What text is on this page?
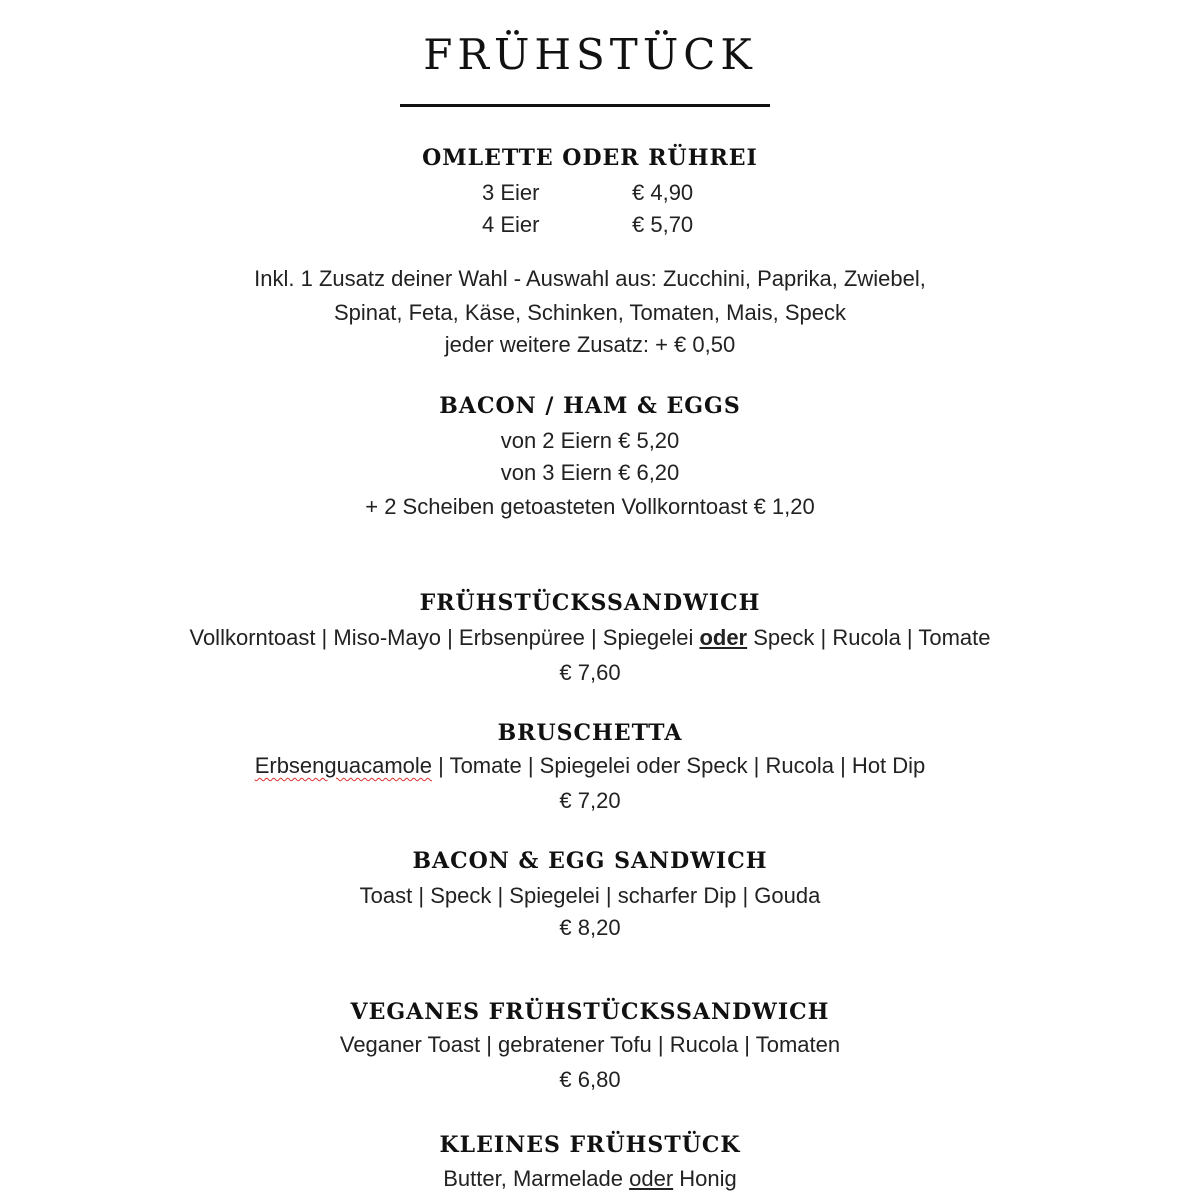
FRÜHSTÜCK
OMLETTE ODER RÜHREI
3 Eier	€ 4,90
4 Eier	€ 5,70
Inkl. 1 Zusatz deiner Wahl - Auswahl aus: Zucchini, Paprika, Zwiebel,
Spinat, Feta, Käse, Schinken, Tomaten, Mais, Speck
jeder weitere Zusatz: + € 0,50
BACON / HAM & EGGS
von 2 Eiern € 5,20
von 3 Eiern € 6,20
+ 2 Scheiben getoasteten Vollkorntoast € 1,20
FRÜHSTÜCKSSANDWICH
Vollkorntoast | Miso-Mayo | Erbsenpüree | Spiegelei oder Speck | Rucola | Tomate
€ 7,60
BRUSCHETTA
Erbsenguacamole | Tomate | Spiegelei oder Speck | Rucola | Hot Dip
€ 7,20
BACON & EGG SANDWICH
Toast | Speck | Spiegelei | scharfer Dip | Gouda
€ 8,20
VEGANES FRÜHSTÜCKSSANDWICH
Veganer Toast | gebratener Tofu | Rucola | Tomaten
€ 6,80
KLEINES FRÜHSTÜCK
Butter, Marmelade oder Honig
